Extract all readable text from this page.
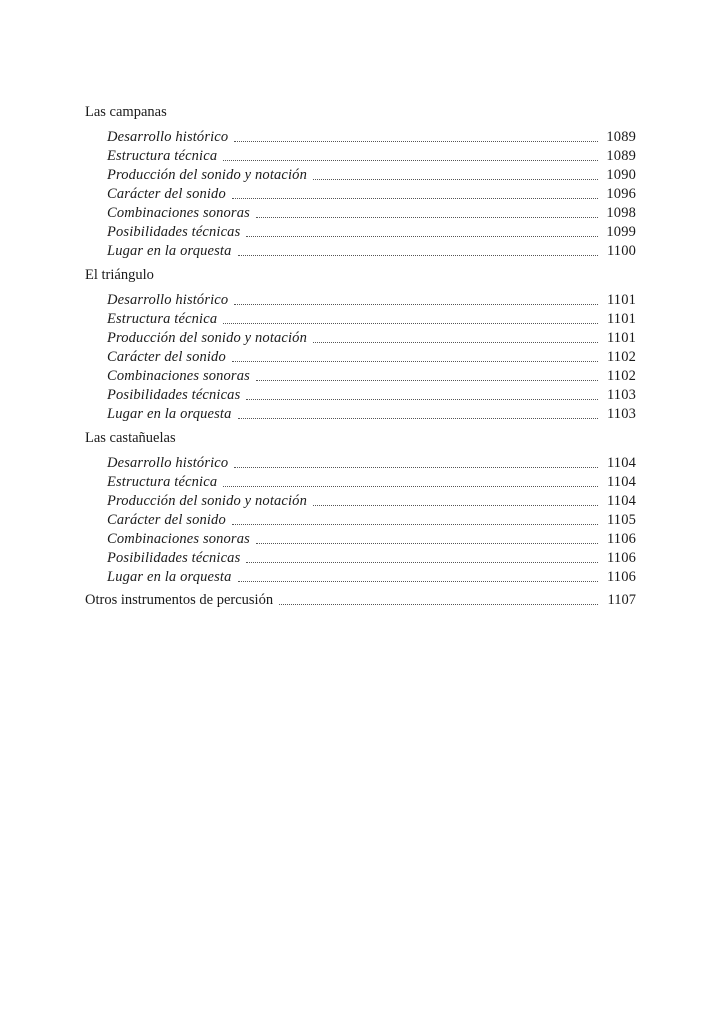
Las campanas
Desarrollo histórico	1089
Estructura técnica	1089
Producción del sonido y notación	1090
Carácter del sonido	1096
Combinaciones sonoras	1098
Posibilidades técnicas	1099
Lugar en la orquesta	1100
El triángulo
Desarrollo histórico	1101
Estructura técnica	1101
Producción del sonido y notación	1101
Carácter del sonido	1102
Combinaciones sonoras	1102
Posibilidades técnicas	1103
Lugar en la orquesta	1103
Las castañuelas
Desarrollo histórico	1104
Estructura técnica	1104
Producción del sonido y notación	1104
Carácter del sonido	1105
Combinaciones sonoras	1106
Posibilidades técnicas	1106
Lugar en la orquesta	1106
Otros instrumentos de percusión	1107
